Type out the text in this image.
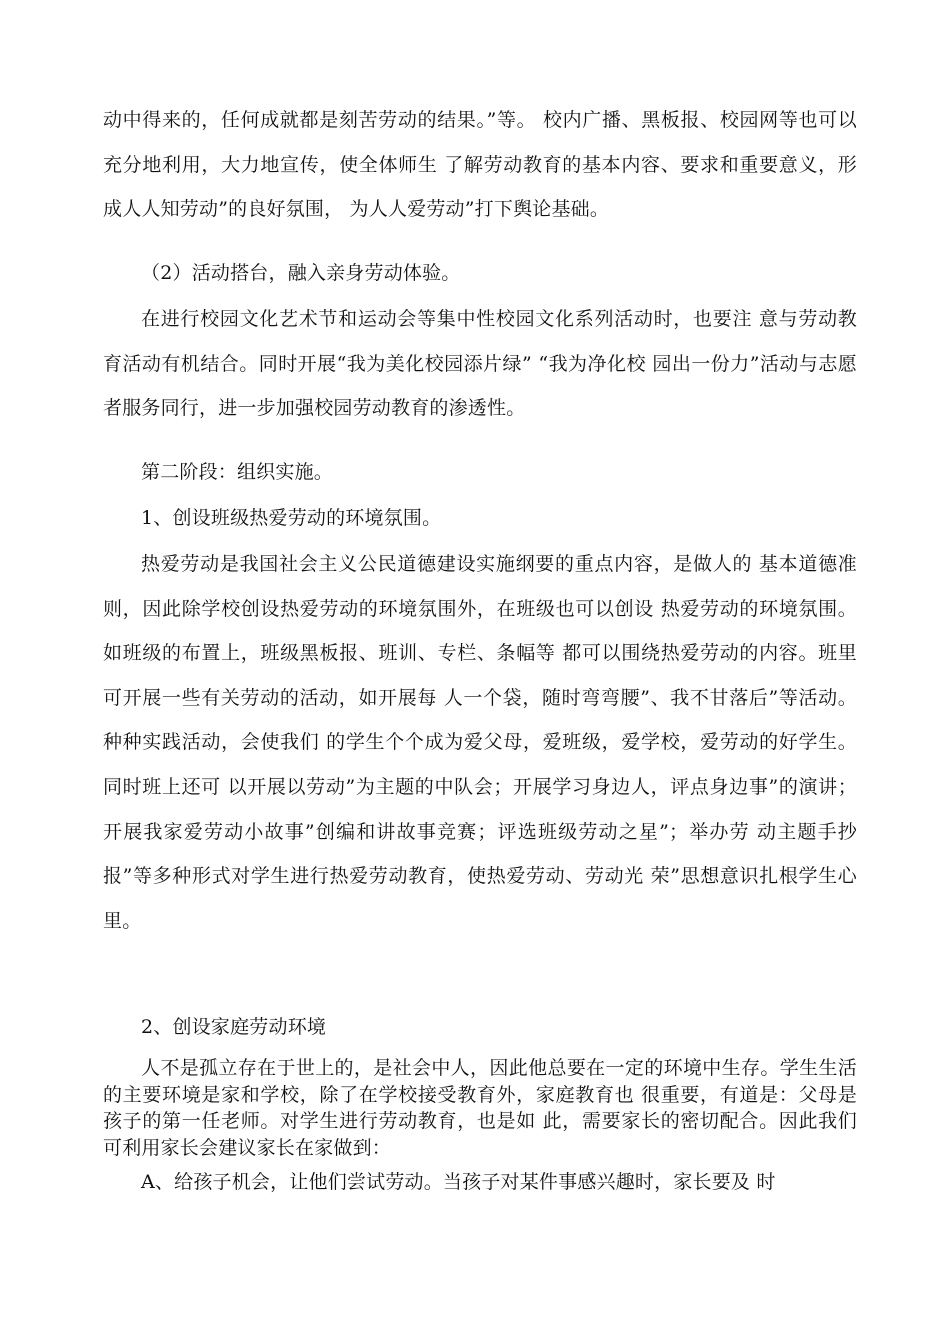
动中得来的，任何成就都是刻苦劳动的结果。”等。 校内广播、黑板报、校园网等也可以充分地利用，大力地宣传，使全体师生 了解劳动教育的基本内容、要求和重要意义，形成人人知劳动”的良好氛围， 为人人爱劳动”打下舆论基础。

（2）活动搭台，融入亲身劳动体验。

在进行校园文化艺术节和运动会等集中性校园文化系列活动时，也要注 意与劳动教育活动有机结合。同时开展“我为美化校园添片绿” “我为净化校 园出一份力”活动与志愿者服务同行，进一步加强校园劳动教育的渗透性。

第二阶段：组织实施。

1、创设班级热爱劳动的环境氛围。

热爱劳动是我国社会主义公民道德建设实施纲要的重点内容，是做人的 基本道德准则，因此除学校创设热爱劳动的环境氛围外，在班级也可以创设 热爱劳动的环境氛围。如班级的布置上，班级黑板报、班训、专栏、条幅等 都可以围绕热爱劳动的内容。班里可开展一些有关劳动的活动，如开展每 人一个袋，随时弯弯腰”、我不甘落后”等活动。种种实践活动，会使我们 的学生个个成为爱父母，爱班级，爱学校，爱劳动的好学生。同时班上还可 以开展以劳动”为主题的中队会；开展学习身边人，评点身边事”的演讲； 开展我家爱劳动小故事”创编和讲故事竞赛；评选班级劳动之星”；举办劳 动主题手抄报”等多种形式对学生进行热爱劳动教育，使热爱劳动、劳动光 荣”思想意识扎根学生心里。

2、创设家庭劳动环境

人不是孤立存在于世上的，是社会中人，因此他总要在一定的环境中生存。学生生活的主要环境是家和学校，除了在学校接受教育外，家庭教育也 很重要，有道是：父母是孩子的第一任老师。对学生进行劳动教育，也是如 此，需要家长的密切配合。因此我们可利用家长会建议家长在家做到：

A、给孩子机会，让他们尝试劳动。当孩子对某件事感兴趣时，家长要及 时
